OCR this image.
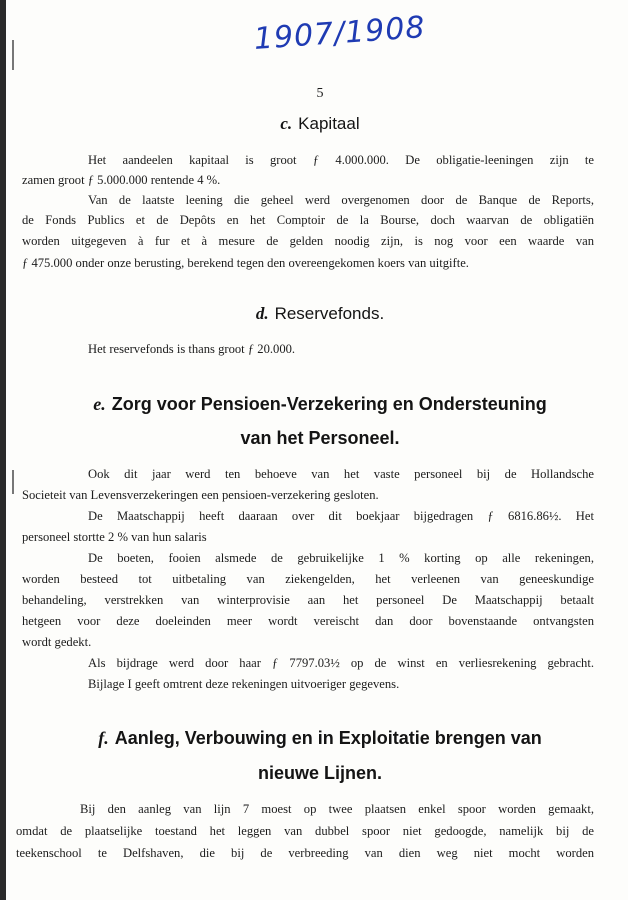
1907/1908
5
c. Kapitaal
Het aandeelen kapitaal is groot ƒ 4.000.000. De obligatie-leeningen zijn te
zamen groot ƒ 5.000.000 rentende 4 %.
Van de laatste leening die geheel werd overgenomen door de Banque de Reports,
de Fonds Publics et de Depôts en het Comptoir de la Bourse, doch waarvan de obligatiën
worden uitgegeven à fur et à mesure de gelden noodig zijn, is nog voor een waarde van
ƒ 475.000 onder onze berusting, berekend tegen den overeengekomen koers van uitgifte.
d. Reservefonds.
Het reservefonds is thans groot ƒ 20.000.
e. Zorg voor Pensioen-Verzekering en Ondersteuning
van het Personeel.
Ook dit jaar werd ten behoeve van het vaste personeel bij de Hollandsche
Societeit van Levensverzekeringen een pensioen-verzekering gesloten.
De Maatschappij heeft daaraan over dit boekjaar bijgedragen ƒ 6816.86½. Het
personeel stortte 2 % van hun salaris
De boeten, fooien alsmede de gebruikelijke 1 % korting op alle rekeningen,
worden besteed tot uitbetaling van ziekengelden, het verleenen van geneeskundige
behandeling, verstrekken van winterprovisie aan het personeel De Maatschappij betaalt
hetgeen voor deze doeleinden meer wordt vereischt dan door bovenstaande ontvangsten
wordt gedekt.
Als bijdrage werd door haar ƒ 7797.03½ op de winst en verliesrekening gebracht.
Bijlage I geeft omtrent deze rekeningen uitvoeriger gegevens.
f. Aanleg, Verbouwing en in Exploitatie brengen van
nieuwe Lijnen.
Bij den aanleg van lijn 7 moest op twee plaatsen enkel spoor worden gemaakt,
omdat de plaatselijke toestand het leggen van dubbel spoor niet gedoogde, namelijk bij de
teekenschool te Delfshaven, die bij de verbreeding van dien weg niet mocht worden
